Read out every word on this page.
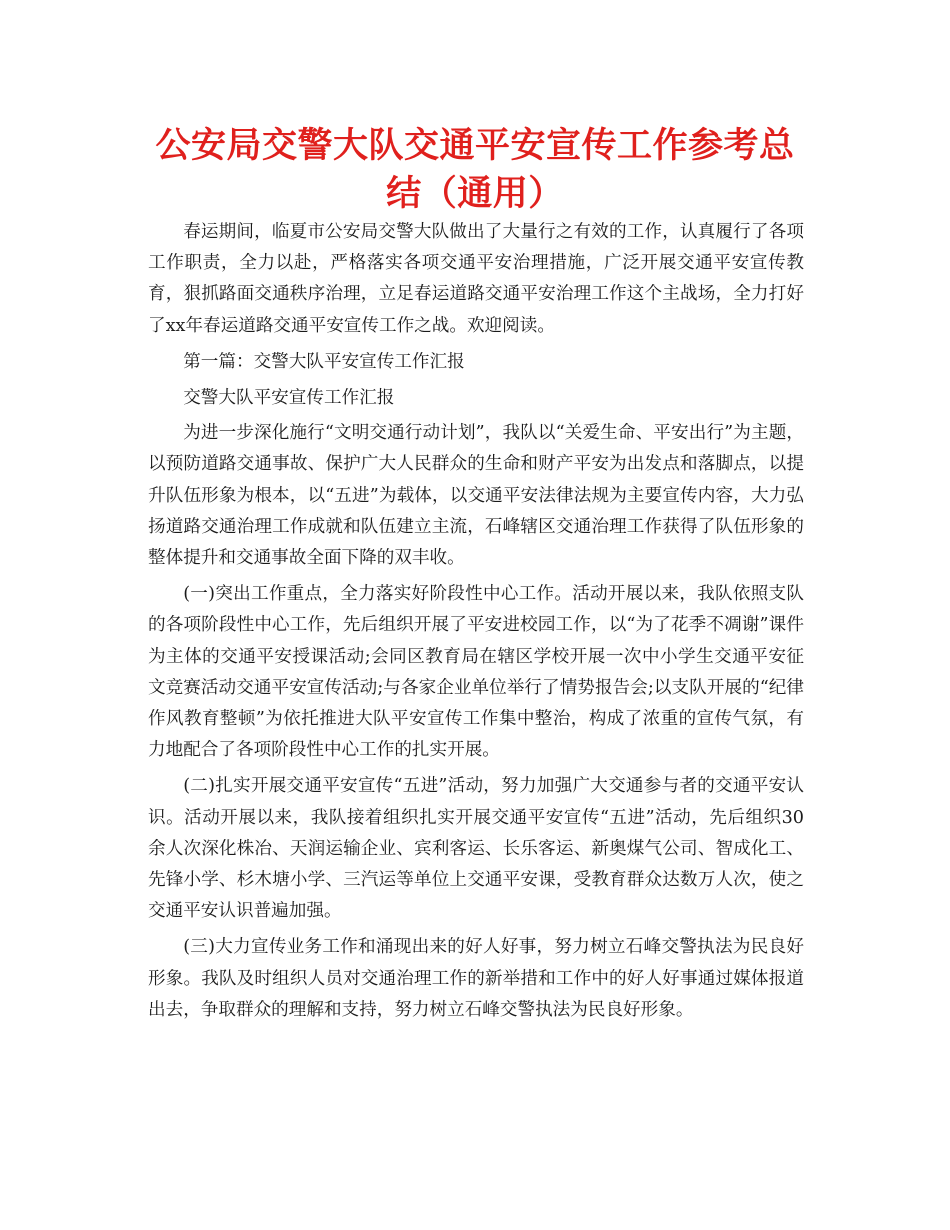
公安局交警大队交通平安宣传工作参考总结（通用）

春运期间，临夏市公安局交警大队做出了大量行之有效的工作，认真履行了各项工作职责，全力以赴，严格落实各项交通平安治理措施，广泛开展交通平安宣传教育，狠抓路面交通秩序治理，立足春运道路交通平安治理工作这个主战场，全力打好了xx年春运道路交通平安宣传工作之战。欢迎阅读。

第一篇：交警大队平安宣传工作汇报

交警大队平安宣传工作汇报

为进一步深化施行“文明交通行动计划”，我队以“关爱生命、平安出行”为主题，以预防道路交通事故、保护广大人民群众的生命和财产平安为出发点和落脚点，以提升队伍形象为根本，以“五进”为载体，以交通平安法律法规为主要宣传内容，大力弘扬道路交通治理工作成就和队伍建立主流，石峰辖区交通治理工作获得了队伍形象的整体提升和交通事故全面下降的双丰收。

(一)突出工作重点，全力落实好阶段性中心工作。活动开展以来，我队依照支队的各项阶段性中心工作，先后组织开展了平安进校园工作，以“为了花季不凋谢”课件为主体的交通平安授课活动;会同区教育局在辖区学校开展一次中小学生交通平安征文竞赛活动交通平安宣传活动;与各家企业单位举行了情势报告会;以支队开展的“纪律作风教育整顿”为依托推进大队平安宣传工作集中整治，构成了浓重的宣传气氛，有力地配合了各项阶段性中心工作的扎实开展。

(二)扎实开展交通平安宣传“五进”活动，努力加强广大交通参与者的交通平安认识。活动开展以来，我队接着组织扎实开展交通平安宣传“五进”活动，先后组织30余人次深化株冶、天润运输企业、宾利客运、长乐客运、新奥煤气公司、智成化工、先锋小学、杉木塘小学、三汽运等单位上交通平安课，受教育群众达数万人次，使之交通平安认识普遍加强。

(三)大力宣传业务工作和涌现出来的好人好事，努力树立石峰交警执法为民良好形象。我队及时组织人员对交通治理工作的新举措和工作中的好人好事通过媒体报道出去，争取群众的理解和支持，努力树立石峰交警执法为民良好形象。
